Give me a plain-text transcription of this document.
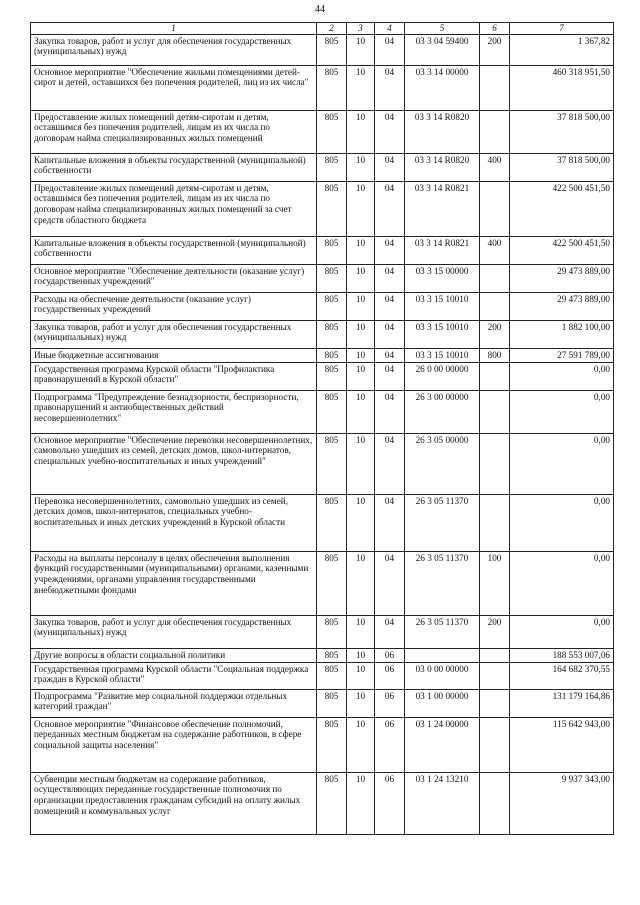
44
1	2	3	4	5	6	7
Закупка товаров, работ и услуг для обеспечения государственных (муниципальных) нужд	805	10	04	03 3 04 59400	200	1 367,82
Основное мероприятие "Обеспечение жильми помещениями детей-сирот и детей, оставшихся без попечения родителей, лиц из их числа"	805	10	04	03 3 14 00000		460 318 951,50
Предоставление жилых помещений детям-сиротам и детям, оставшимся без попечения родителей, лицам из их числа по договорам найма специализированных жилых помещений	805	10	04	03 3 14 R0820		37 818 500,00
Капитальные вложения в объекты государственной (муниципальной) собственности	805	10	04	03 3 14 R0820	400	37 818 500,00
Предоставление жилых помещений детям-сиротам и детям, оставшимся без попечения родителей, лицам из их числа по договорам найма специализированных жилых помещений за счет средств областного бюджета	805	10	04	03 3 14 R0821		422 500 451,50
Капитальные вложения в объекты государственной (муниципальной) собственности	805	10	04	03 3 14 R0821	400	422 500 451,50
Основное мероприятие "Обеспечение деятельности (оказание услуг) государственных учреждений"	805	10	04	03 3 15 00000		29 473 889,00
Расходы на обеспечение деятельности (оказание услуг) государственных учреждений	805	10	04	03 3 15 10010		29 473 889,00
Закупка товаров, работ и услуг для обеспечения государственных (муниципальных) нужд	805	10	04	03 3 15 10010	200	1 882 100,00
Иные бюджетные ассигнования	805	10	04	03 3 15 10010	800	27 591 789,00
Государственная программа Курской области "Профилактика правонарушений в Курской области"	805	10	04	26 0 00 00000		0,00
Подпрограмма "Предупреждение безнадзорности, беспризорности, правонарушений и антиобщественных действий несовершеннолетних"	805	10	04	26 3 00 00000		0,00
Основное мероприятие "Обеспечение перевозки несовершеннолетних, самовольно ушедших из семей, детских домов, школ-интернатов, специальных учебно-воспитательных и иных учреждений"	805	10	04	26 3 05 00000		0,00
Перевозка несовершеннолетних, самовольно ушедших из семей, детских домов, школ-интернатов, специальных учебно-воспитательных и иных детских учреждений в Курской области	805	10	04	26 3 05 11370		0,00
Расходы на выплаты персоналу в целях обеспечения выполнения функций государственными (муниципальными) органами, казенными учреждениями, органами управления государственными внебюджетными фондами	805	10	04	26 3 05 11370	100	0,00
Закупка товаров, работ и услуг для обеспечения государственных (муниципальных) нужд	805	10	04	26 3 05 11370	200	0,00
Другие вопросы в области социальной политики	805	10	06			188 553 007,06
Государственная программа Курской области "Социальная поддержка граждан в Курской области"	805	10	06	03 0 00 00000		164 682 370,55
Подпрограмма "Развитие мер социальной поддержки отдельных категорий граждан"	805	10	06	03 1 00 00000		131 179 164,86
Основное мероприятие "Финансовое обеспечение полномочий, переданных местным бюджетам на содержание работников, в сфере социальной защиты населения"	805	10	06	03 1 24 00000		115 642 943,00
Субвенции местным бюджетам на содержание работников, осуществляющих переданные государственные полномочия по организации предоставления гражданам субсидий на оплату жилых помещений и коммунальных услуг	805	10	06	03 1 24 13210		9 937 343,00
